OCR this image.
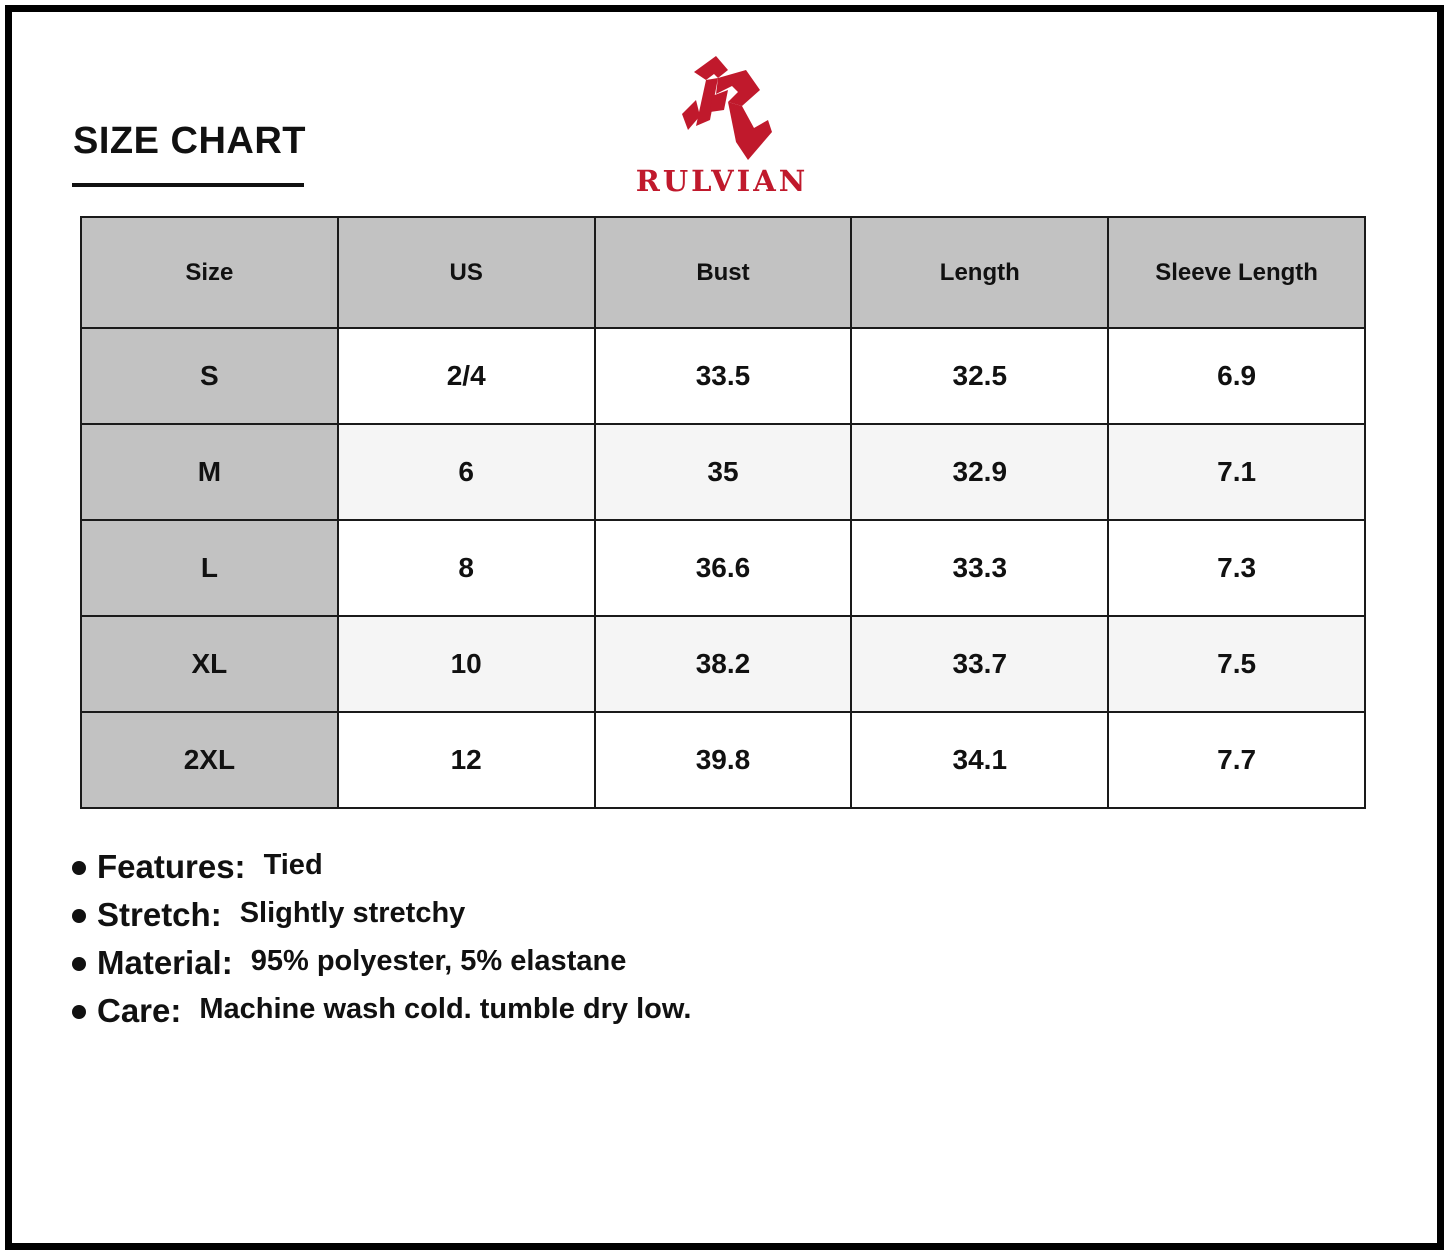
SIZE CHART
RULVIAN
Size	US	Bust	Length	Sleeve Length
S	2/4	33.5	32.5	6.9
M	6	35	32.9	7.1
L	8	36.6	33.3	7.3
XL	10	38.2	33.7	7.5
2XL	12	39.8	34.1	7.7
Features: Tied
Stretch: Slightly stretchy
Material: 95% polyester, 5% elastane
Care: Machine wash cold. tumble dry low.
